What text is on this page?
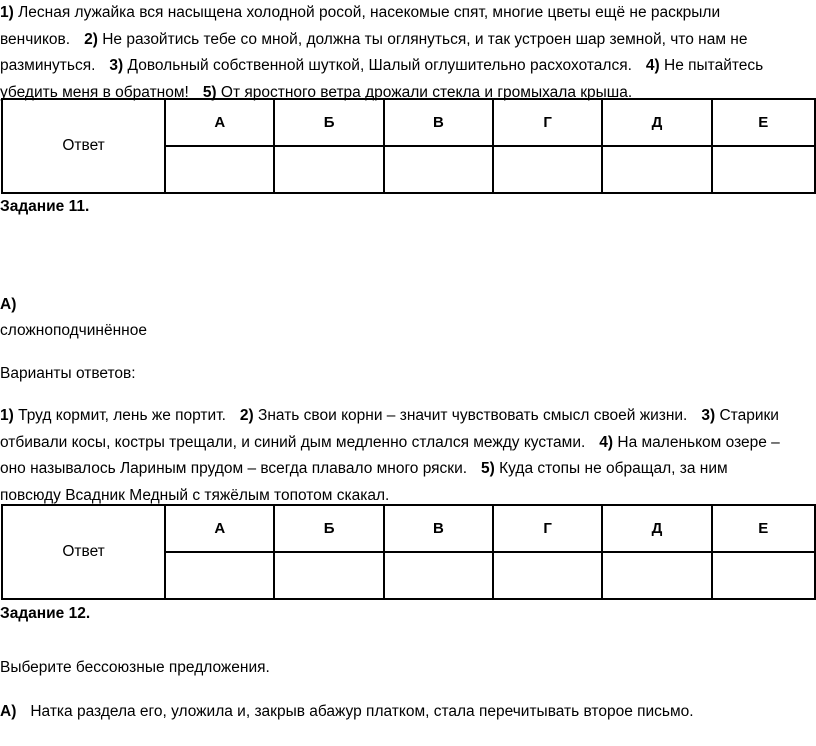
1) Лесная лужайка вся насыщена холодной росой, насекомые спят, многие цветы ещё не раскрыли
венчиков. 2) Не разойтись тебе со мной, должна ты оглянуться, и так устроен шар земной, что нам не
разминуться. 3) Довольный собственной шуткой, Шалый оглушительно расхохотался. 4) Не пытайтесь
убедить меня в обратном! 5) От яростного ветра дрожали стекла и громыхала крыша.
Ответ	А	Б	В	Г	Д	Е

Задание 11.
А)
сложноподчинённое
Варианты ответов:
1) Труд кормит, лень же портит. 2) Знать свои корни – значит чувствовать смысл своей жизни. 3) Старики
отбивали косы, костры трещали, и синий дым медленно стлался между кустами. 4) На маленьком озере –
оно называлось Лариным прудом – всегда плавало много ряски. 5) Куда стопы не обращал, за ним
повсюду Всадник Медный с тяжёлым топотом скакал.
Ответ	А	Б	В	Г	Д	Е

Задание 12.
Выберите бессоюзные предложения.
А) Натка раздела его, уложила и, закрыв абажур платком, стала перечитывать второе письмо.
